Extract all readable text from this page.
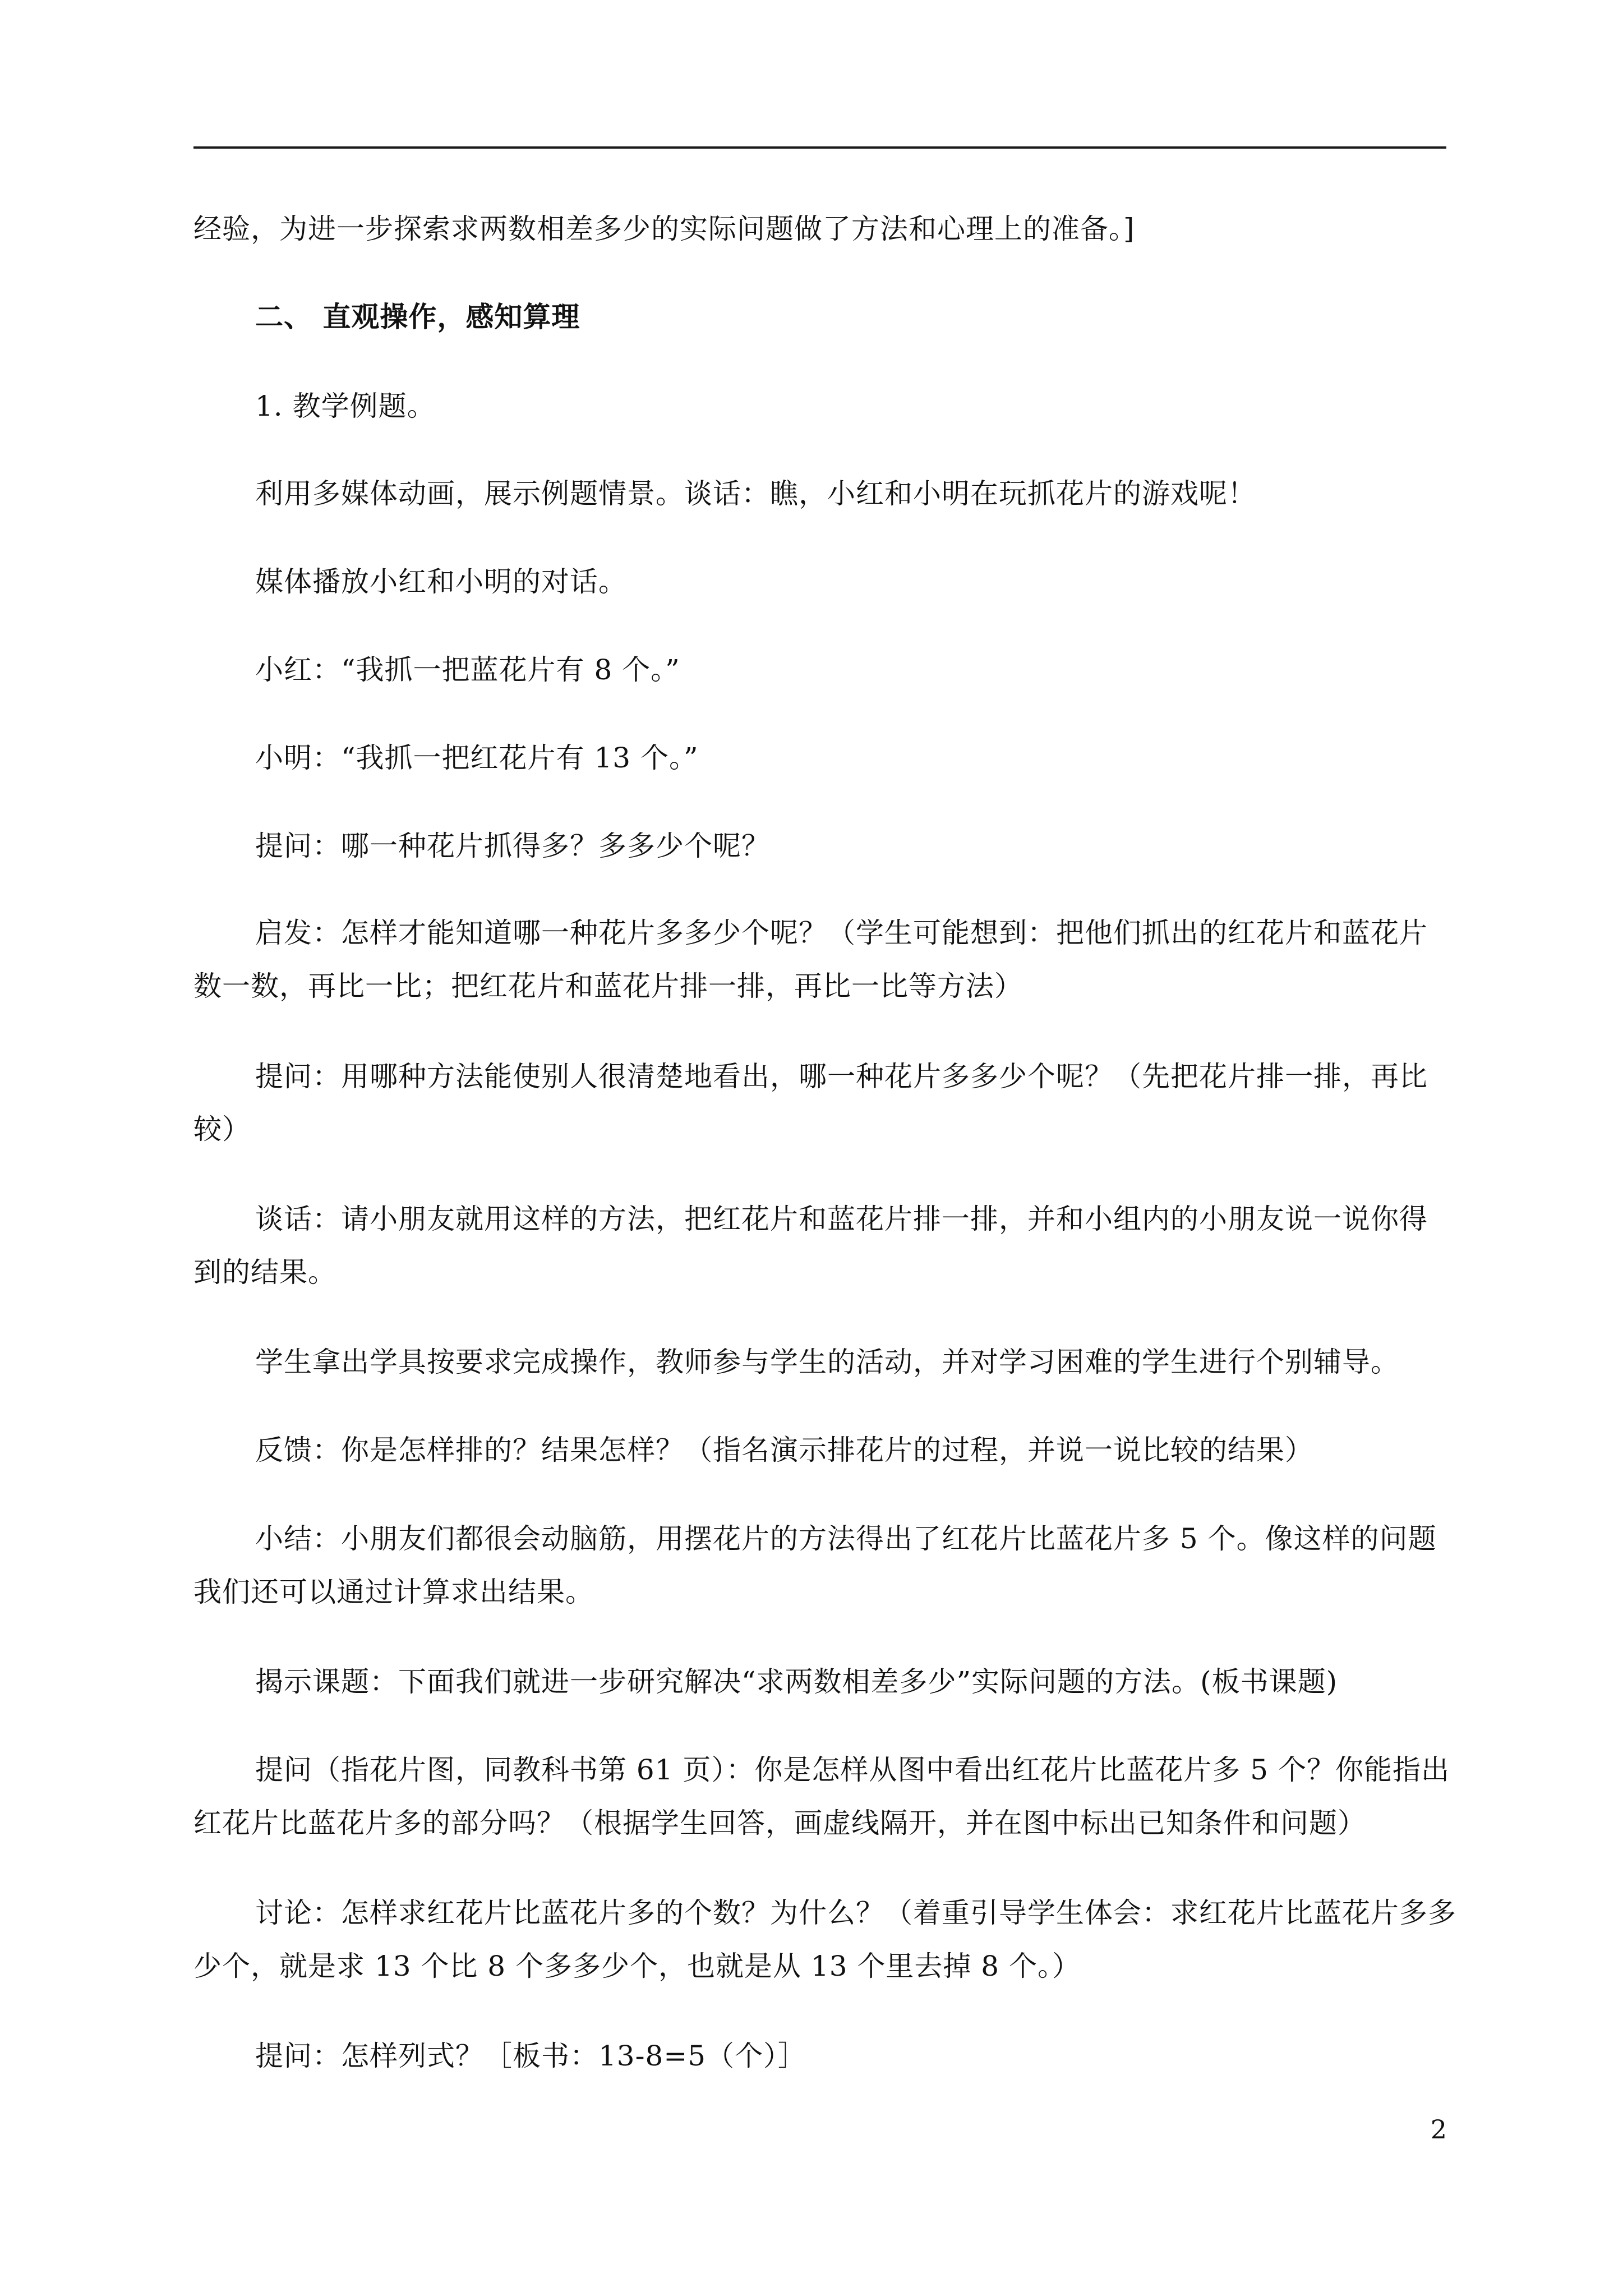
经验，为进一步探索求两数相差多少的实际问题做了方法和心理上的准备。]
二、 直观操作，感知算理
1. 教学例题。
利用多媒体动画，展示例题情景。谈话：瞧，小红和小明在玩抓花片的游戏呢！
媒体播放小红和小明的对话。
小红：“我抓一把蓝花片有 8 个。”
小明：“我抓一把红花片有 13 个。”
提问：哪一种花片抓得多？多多少个呢？
启发：怎样才能知道哪一种花片多多少个呢？（学生可能想到：把他们抓出的红花片和蓝花片
数一数，再比一比；把红花片和蓝花片排一排，再比一比等方法）
提问：用哪种方法能使别人很清楚地看出，哪一种花片多多少个呢？（先把花片排一排，再比
较）
谈话：请小朋友就用这样的方法，把红花片和蓝花片排一排，并和小组内的小朋友说一说你得
到的结果。
学生拿出学具按要求完成操作，教师参与学生的活动，并对学习困难的学生进行个别辅导。
反馈：你是怎样排的？结果怎样？（指名演示排花片的过程，并说一说比较的结果）
小结：小朋友们都很会动脑筋，用摆花片的方法得出了红花片比蓝花片多 5 个。像这样的问题
我们还可以通过计算求出结果。
揭示课题：下面我们就进一步研究解决“求两数相差多少”实际问题的方法。(板书课题)
提问（指花片图，同教科书第 61 页）：你是怎样从图中看出红花片比蓝花片多 5 个？你能指出
红花片比蓝花片多的部分吗？（根据学生回答，画虚线隔开，并在图中标出已知条件和问题）
讨论：怎样求红花片比蓝花片多的个数？为什么？（着重引导学生体会：求红花片比蓝花片多多
少个，就是求 13 个比 8 个多多少个，也就是从 13 个里去掉 8 个。）
提问：怎样列式？［板书：13-8=5（个）］
2
